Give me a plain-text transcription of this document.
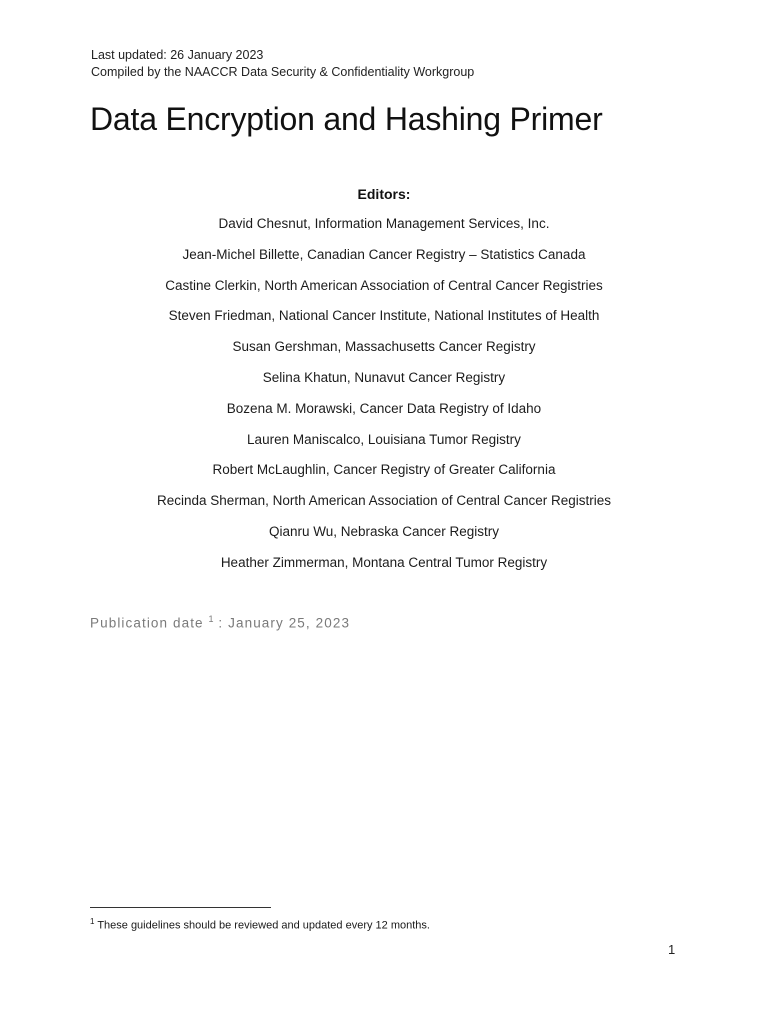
Last updated: 26 January 2023
Compiled by the NAACCR Data Security & Confidentiality Workgroup
Data Encryption and Hashing Primer
Editors:
David Chesnut, Information Management Services, Inc.
Jean-Michel Billette, Canadian Cancer Registry – Statistics Canada
Castine Clerkin, North American Association of Central Cancer Registries
Steven Friedman, National Cancer Institute, National Institutes of Health
Susan Gershman, Massachusetts Cancer Registry
Selina Khatun, Nunavut Cancer Registry
Bozena M. Morawski, Cancer Data Registry of Idaho
Lauren Maniscalco, Louisiana Tumor Registry
Robert McLaughlin, Cancer Registry of Greater California
Recinda Sherman, North American Association of Central Cancer Registries
Qianru Wu, Nebraska Cancer Registry
Heather Zimmerman, Montana Central Tumor Registry
Publication date $^1$ : January 25, 2023
$^1$ These guidelines should be reviewed and updated every 12 months.
1
